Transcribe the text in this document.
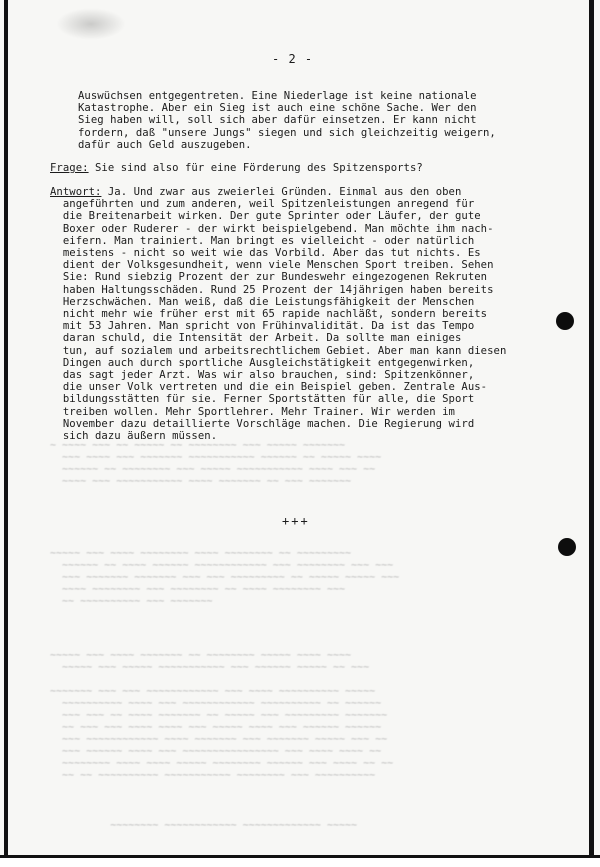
- 2 -
Auswüchsen entgegentreten. Eine Niederlage ist keine nationale
Katastrophe. Aber ein Sieg ist auch eine schöne Sache. Wer den
Sieg haben will, soll sich aber dafür einsetzen. Er kann nicht
fordern, daß "unsere Jungs" siegen und sich gleichzeitig weigern,
dafür auch Geld auszugeben.
Frage: Sie sind also für eine Förderung des Spitzensports?
Antwort: Ja. Und zwar aus zweierlei Gründen. Einmal aus den oben
angeführten und zum anderen, weil Spitzenleistungen anregend für
die Breitenarbeit wirken. Der gute Sprinter oder Läufer, der gute
Boxer oder Ruderer - der wirkt beispielgebend. Man möchte ihm nach-
eifern. Man trainiert. Man bringt es vielleicht - oder natürlich
meistens - nicht so weit wie das Vorbild. Aber das tut nichts. Es
dient der Volksgesundheit, wenn viele Menschen Sport treiben. Sehen
Sie: Rund siebzig Prozent der zur Bundeswehr eingezogenen Rekruten
haben Haltungsschäden. Rund 25 Prozent der 14jährigen haben bereits
Herzschwächen. Man weiß, daß die Leistungsfähigkeit der Menschen
nicht mehr wie früher erst mit 65 rapide nachläßt, sondern bereits
mit 53 Jahren. Man spricht von Frühinvalidität. Da ist das Tempo
daran schuld, die Intensität der Arbeit. Da sollte man einiges
tun, auf sozialem und arbeitsrechtlichem Gebiet. Aber man kann diesen
Dingen auch durch sportliche Ausgleichstätigkeit entgegenwirken,
das sagt jeder Arzt. Was wir also brauchen, sind: Spitzenkönner,
die unser Volk vertreten und die ein Beispiel geben. Zentrale Aus-
bildungsstätten für sie. Ferner Sportstätten für alle, die Sport
treiben wollen. Mehr Sportlehrer. Mehr Trainer. Wir werden im
November dazu detaillierte Vorschläge machen. Die Regierung wird
sich dazu äußern müssen.
+++
~ ~~~~ ~~~ ~~ ~~~~~ ~~ ~~~~~~~~ ~~~ ~~~~~ ~~~~~~~
~~~ ~~~~ ~~~ ~~~~~~~ ~~~~~~~~~~~ ~~~~~~ ~~ ~~~~~ ~~~~
~~~~~~ ~~ ~~~~~~~~ ~~~ ~~~~~ ~~~~~~~~~~~ ~~~~ ~~~ ~~
~~~~ ~~~ ~~~~~~~~~~~ ~~~~ ~~~~~~~ ~~ ~~~ ~~~~~~~
~~~~~ ~~~ ~~~~ ~~~~~~~~ ~~~~ ~~~~~~~~ ~~ ~~~~~~~~~
~~~~~~ ~~ ~~~~ ~~~~~~ ~~~~~~~~~~~~ ~~~ ~~~~~~~~ ~~~ ~~~
~~~ ~~~~~~~ ~~~~~~~ ~~~ ~~~ ~~~~~~~~~ ~~ ~~~~~ ~~~~~ ~~~
~~~~ ~~~~~~~~ ~~~ ~~~~~~~~ ~~ ~~~~ ~~~~~~~~ ~~~
~~ ~~~~~~~~~~ ~~~ ~~~~~~~
~~~~~ ~~~ ~~~~ ~~~~~~~ ~~ ~~~~~~~~ ~~~~~ ~~~~ ~~~~
~~~~~ ~~~ ~~~~~ ~~~~~~~~~~~ ~~~ ~~~~~~ ~~~~~ ~~ ~~~
~~~~~~~ ~~~ ~~~ ~~~~~~~~~~~~ ~~~ ~~~~ ~~~~~~~~~~ ~~~~~
~~~~~~~~~~ ~~~~ ~~~ ~~~~~~~~~~~~ ~~~~~~~~~~ ~~ ~~~~~~
~~~ ~~~ ~~ ~~~~ ~~~~~~~ ~~ ~~~~~ ~~~ ~~~~~~~~~ ~~~~~~~
~~ ~~~ ~~~ ~~~~ ~~~~ ~~~ ~~~~~ ~~~~ ~~~ ~~~~~~ ~~~~~~
~~~ ~~~~~~~~~~~~ ~~~~ ~~~~~~~ ~~~ ~~~~~~~ ~~~~~ ~~~ ~~
~~~ ~~~~~~ ~~~~ ~~~ ~~~~~~~~~~~~~~~~ ~~~ ~~~~ ~~~~ ~~
~~~~~~~~ ~~~~ ~~~~ ~~~~~ ~~~~~~~~ ~~~~~~ ~~~ ~~~~ ~~ ~~
~~ ~~ ~~~~~~~~~~ ~~~~~~~~~~~ ~~~~~~~~ ~~~ ~~~~~~~~~~
~~~~~~~~ ~~~~~~~~~~~~ ~~~~~~~~~~~~~ ~~~~~
